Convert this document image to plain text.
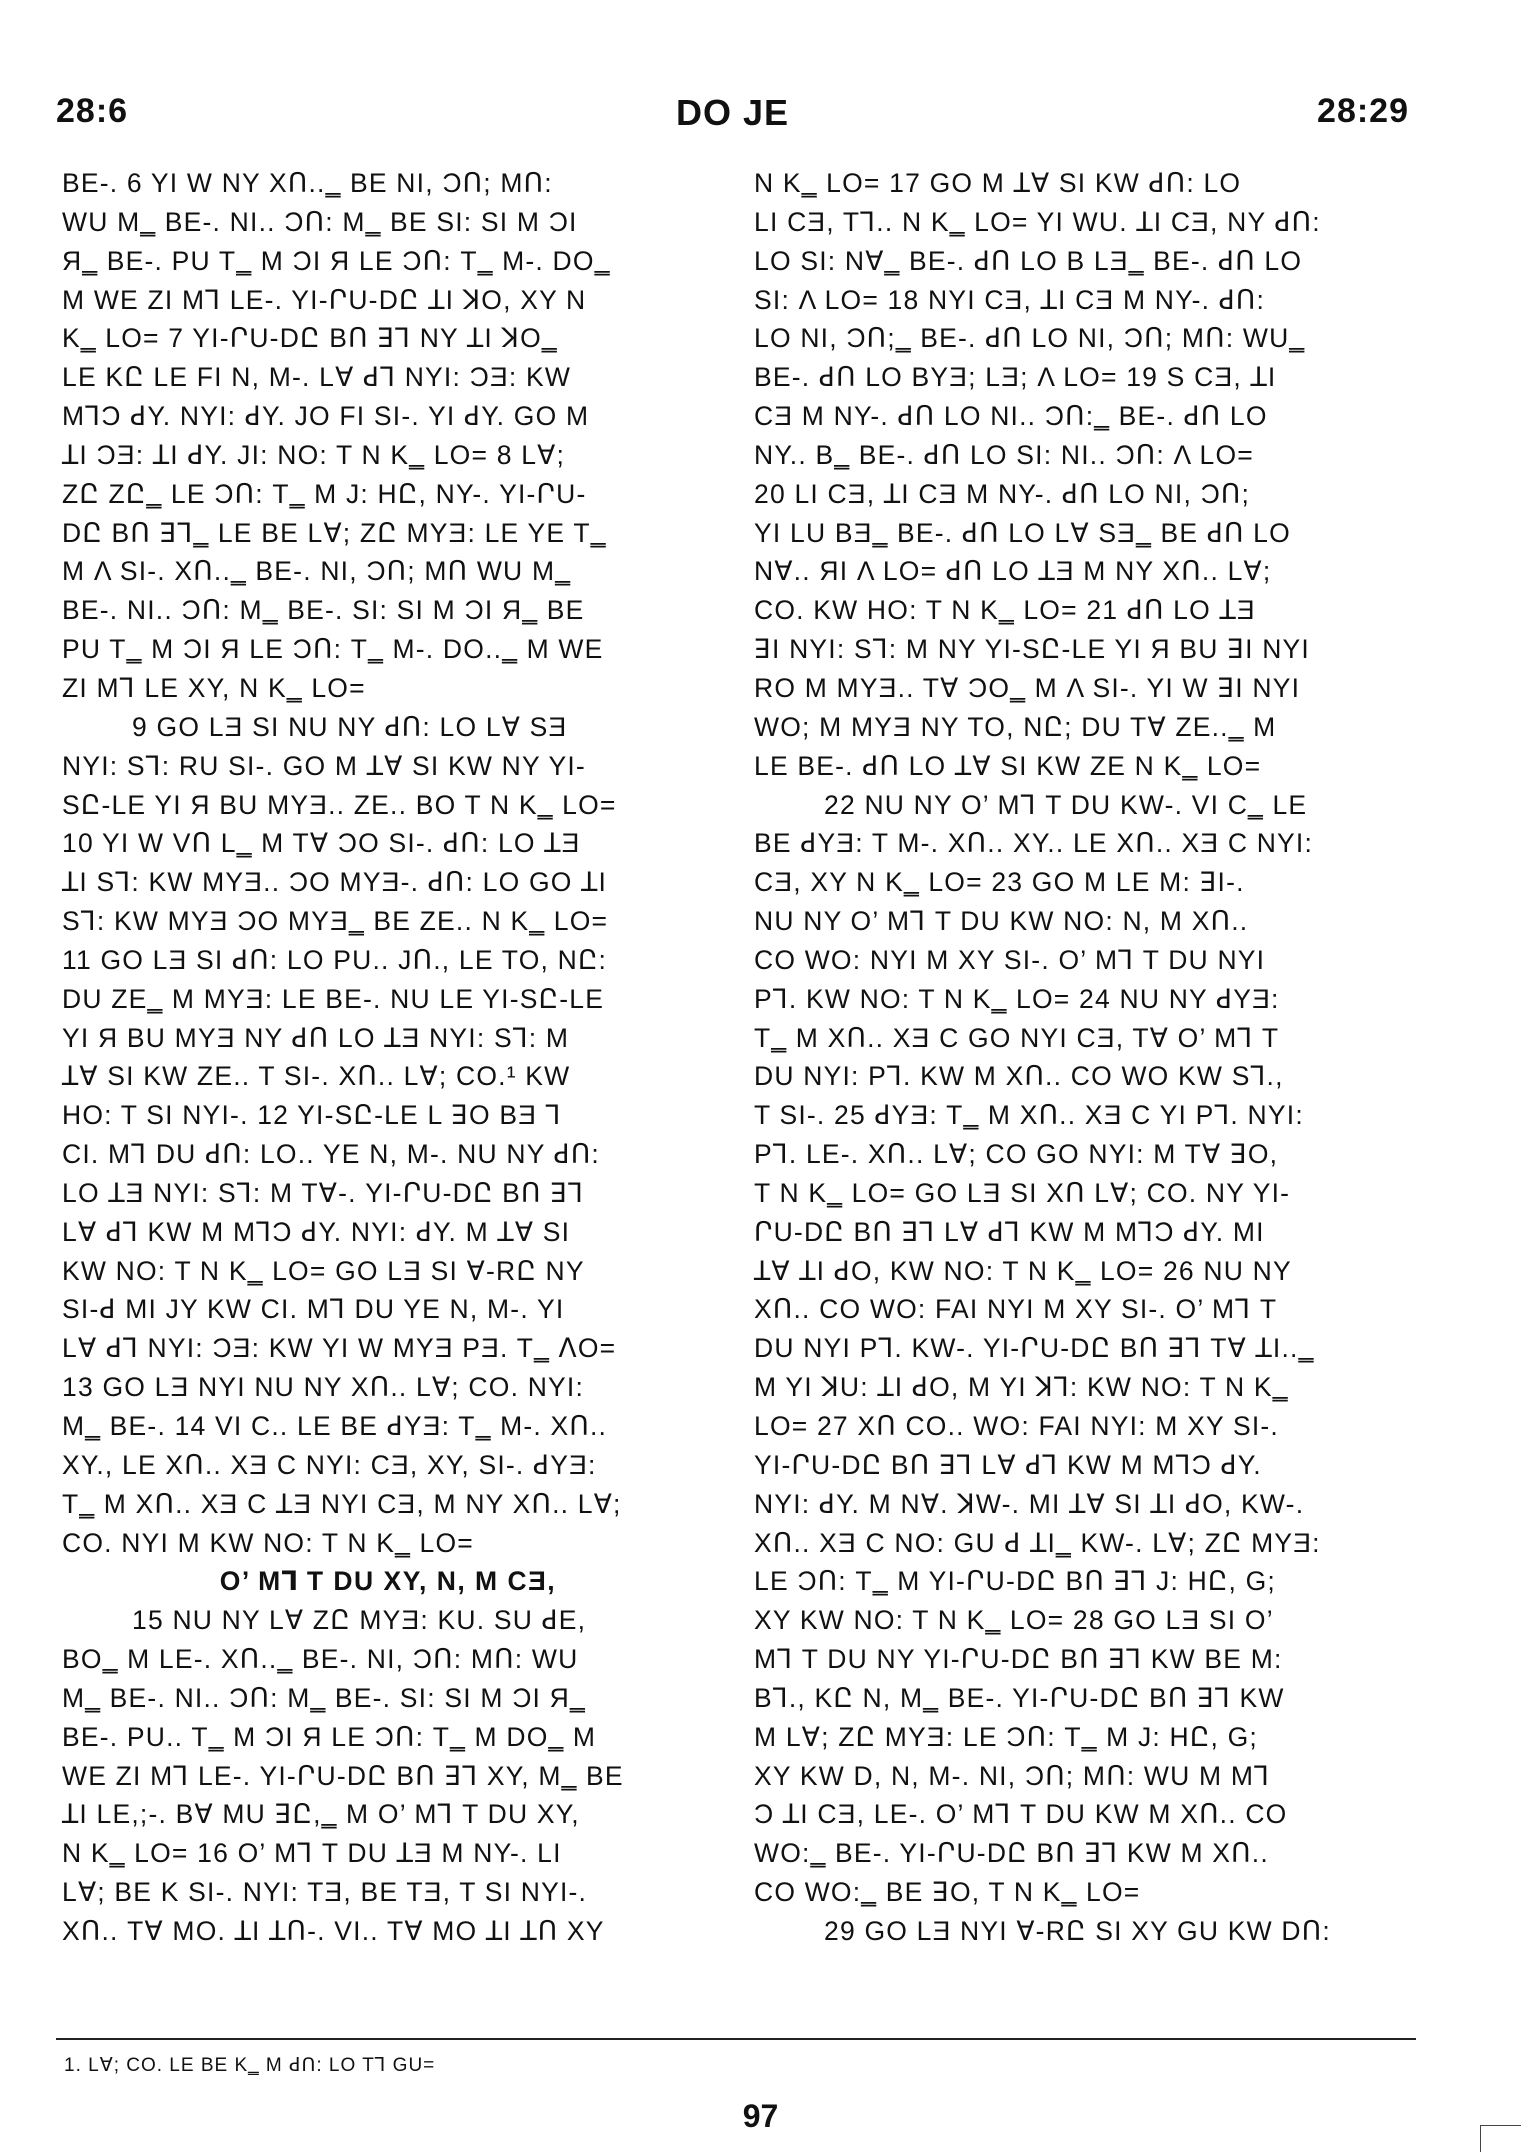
28:6	DO JE	28:29
BE-. 6 YI W NY XՈ..‗ BE NI, ƆՈ; MՈ:
WU M‗ BE-. NI.. ƆՈ: M‗ BE SI: SI M ƆI
Я‗ BE-. PU T‗ M ƆI Я LE ƆՈ: T‗ M-. DO‗
M WE ZI Mꓶ LE-. YI-ՐU-DԸ ꓕI ꓘO, XY N
K‗ LO= 7 YI-ՐU-DԸ BՈ ꓱꓶ NY ꓕI ꓘO‗
LE KԸ LE FI N, M-. Lꓯ ꓒꓶ NYI: ƆƎ: KW
MꓶƆ ꓒY. NYI: ꓒY. JO FI SI-. YI ꓒY. GO M
ꓕI ƆƎ: ꓕI ꓒY. JI: NO: T N K‗ LO= 8 Lꓯ;
ZԸ ZԸ‗ LE ƆՈ: T‗ M J: HԸ, NY-. YI-ՐU-
DԸ BՈ ꓱꓶ‗ LE BE Lꓯ; ZԸ MYƎ: LE YE T‗
M Λ SI-. XՈ..‗ BE-. NI, ƆՈ; MՈ WU M‗
BE-. NI.. ƆՈ: M‗ BE-. SI: SI M ƆI Я‗ BE
PU T‗ M ƆI Я LE ƆՈ: T‗ M-. DO..‗ M WE
ZI Mꓶ LE XY, N K‗ LO=
9 GO LƎ SI NU NY ꓒՈ: LO Lꓯ SƎ
NYI: Sꓶ: RU SI-. GO M ꓕꓯ SI KW NY YI-
SԸ-LE YI Я BU MYƎ.. ZE.. BO T N K‗ LO=
10 YI W VՈ L‗ M Tꓯ ƆO SI-. ꓒՈ: LO ꓕƎ
ꓕI Sꓶ: KW MYƎ.. ƆO MYƎ-. ꓒՈ: LO GO ꓕI
Sꓶ: KW MYƎ ƆO MYƎ‗ BE ZE.. N K‗ LO=
11 GO LƎ SI ꓒՈ: LO PU.. JՈ., LE TO, NԸ:
DU ZE‗ M MYƎ: LE BE-. NU LE YI-SԸ-LE
YI Я BU MYƎ NY ꓒՈ LO ꓕƎ NYI: Sꓶ: M
ꓕꓯ SI KW ZE.. T SI-. XՈ.. Lꓯ; CO.¹ KW
HO: T SI NYI-. 12 YI-SԸ-LE L ꓱO BƎ ꓶ
CI. Mꓶ DU ꓒՈ: LO.. YE N, M-. NU NY ꓒՈ:
LO ꓕƎ NYI: Sꓶ: M Tꓯ-. YI-ՐU-DԸ BՈ ꓱꓶ
Lꓯ ꓒꓶ KW M MꓶƆ ꓒY. NYI: ꓒY. M ꓕꓯ SI
KW NO: T N K‗ LO= GO LƎ SI ꓯ-RԸ NY
SI-ꓒ MI JY KW CI. Mꓶ DU YE N, M-. YI
Lꓯ ꓒꓶ NYI: ƆƎ: KW YI W MYƎ PƎ. T‗ ꓥO=
13 GO LƎ NYI NU NY XՈ.. Lꓯ; CO. NYI:
M‗ BE-. 14 VI C.. LE BE ꓒYƎ: T‗ M-. XՈ..
XY., LE XՈ.. XƎ C NYI: CƎ, XY, SI-. ꓒYƎ:
T‗ M XՈ.. XƎ C ꓕƎ NYI CƎ, M NY XՈ.. Lꓯ;
CO. NYI M KW NO: T N K‗ LO=
O’ Mꓶ T DU XY, N, M CƎ,
15 NU NY Lꓯ ZԸ MYƎ: KU. SU ꓒE,
BO‗ M LE-. XՈ..‗ BE-. NI, ƆՈ: MՈ: WU
M‗ BE-. NI.. ƆՈ: M‗ BE-. SI: SI M ƆI Я‗
BE-. PU.. T‗ M ƆI Я LE ƆՈ: T‗ M DO‗ M
WE ZI Mꓶ LE-. YI-ՐU-DԸ BՈ ꓱꓶ XY, M‗ BE
ꓕI LE,;-. Bꓯ MU ꓱԸ,‗ M O’ Mꓶ T DU XY,
N K‗ LO= 16 O’ Mꓶ T DU ꓕƎ M NY-. LI
Lꓯ; BE K SI-. NYI: TƎ, BE TƎ, T SI NYI-.
XՈ.. Tꓯ MO. ꓕI ꓕՈ-. VI.. Tꓯ MO ꓕI ꓕՈ XY
N K‗ LO= 17 GO M ꓕꓯ SI KW ꓒՈ: LO
LI CƎ, Tꓶ.. N K‗ LO= YI WU. ꓕI CƎ, NY ꓒՈ:
LO SI: Nꓯ‗ BE-. ꓒՈ LO B LƎ‗ BE-. ꓒՈ LO
SI: Λ LO= 18 NYI CƎ, ꓕI CƎ M NY-. ꓒՈ:
LO NI, ƆՈ;‗ BE-. ꓒՈ LO NI, ƆՈ; MՈ: WU‗
BE-. ꓒՈ LO BYƎ; LƎ; Λ LO= 19 S CƎ, ꓕI
CƎ M NY-. ꓒՈ LO NI.. ƆՈ:‗ BE-. ꓒՈ LO
NY.. B‗ BE-. ꓒՈ LO SI: NI.. ƆՈ: Λ LO=
20 LI CƎ, ꓕI CƎ M NY-. ꓒՈ LO NI, ƆՈ;
YI LU BƎ‗ BE-. ꓒՈ LO Lꓯ SƎ‗ BE ꓒՈ LO
Nꓯ.. ЯI Λ LO= ꓒՈ LO ꓕƎ M NY XՈ.. Lꓯ;
CO. KW HO: T N K‗ LO= 21 ꓒՈ LO ꓕƎ
ꓱI NYI: Sꓶ: M NY YI-SԸ-LE YI Я BU ꓱI NYI
RO M MYƎ.. Tꓯ ƆO‗ M Λ SI-. YI W ꓱI NYI
WO; M MYƎ NY TO, NԸ; DU Tꓯ ZE..‗ M
LE BE-. ꓒՈ LO ꓕꓯ SI KW ZE N K‗ LO=
22 NU NY O’ Mꓶ T DU KW-. VI C‗ LE
BE ꓒYƎ: T M-. XՈ.. XY.. LE XՈ.. XƎ C NYI:
CƎ, XY N K‗ LO= 23 GO M LE M: ꓱI-.
NU NY O’ Mꓶ T DU KW NO: N, M XՈ..
CO WO: NYI M XY SI-. O’ Mꓶ T DU NYI
Pꓶ. KW NO: T N K‗ LO= 24 NU NY ꓒYƎ:
T‗ M XՈ.. XƎ C GO NYI CƎ, Tꓯ O’ Mꓶ T
DU NYI: Pꓶ. KW M XՈ.. CO WO KW Sꓶ.,
T SI-. 25 ꓒYƎ: T‗ M XՈ.. XƎ C YI Pꓶ. NYI:
Pꓶ. LE-. XՈ.. Lꓯ; CO GO NYI: M Tꓯ ꓱO,
T N K‗ LO= GO LƎ SI XՈ Lꓯ; CO. NY YI-
ՐU-DԸ BՈ ꓱꓶ Lꓯ ꓒꓶ KW M MꓶƆ ꓒY. MI
ꓕꓯ ꓕI ꓒO, KW NO: T N K‗ LO= 26 NU NY
XՈ.. CO WO: FAI NYI M XY SI-. O’ Mꓶ T
DU NYI Pꓶ. KW-. YI-ՐU-DԸ BՈ ꓱꓶ Tꓯ ꓕI..‗
M YI ꓘU: ꓕI ꓒO, M YI ꓘꓶ: KW NO: T N K‗
LO= 27 XՈ CO.. WO: FAI NYI: M XY SI-.
YI-ՐU-DԸ BՈ ꓱꓶ Lꓯ ꓒꓶ KW M MꓶƆ ꓒY.
NYI: ꓒY. M Nꓯ. ꓘW-. MI ꓕꓯ SI ꓕI ꓒO, KW-.
XՈ.. XƎ C NO: GU ꓒ ꓕI‗ KW-. Lꓯ; ZԸ MYƎ:
LE ƆՈ: T‗ M YI-ՐU-DԸ BՈ ꓱꓶ J: HԸ, G;
XY KW NO: T N K‗ LO= 28 GO LƎ SI O’
Mꓶ T DU NY YI-ՐU-DԸ BՈ ꓱꓶ KW BE M:
Bꓶ., KԸ N, M‗ BE-. YI-ՐU-DԸ BՈ ꓱꓶ KW
M Lꓯ; ZԸ MYƎ: LE ƆՈ: T‗ M J: HԸ, G;
XY KW D, N, M-. NI, ƆՈ; MՈ: WU M Mꓶ
Ɔ ꓕI CƎ, LE-. O’ Mꓶ T DU KW M XՈ.. CO
WO:‗ BE-. YI-ՐU-DԸ BՈ ꓱꓶ KW M XՈ..
CO WO:‗ BE ꓱO, T N K‗ LO=
29 GO LƎ NYI ꓯ-RԸ SI XY GU KW DՈ:
1. Lꓯ; CO. LE BE K‗ M ꓒՈ: LO Tꓶ GU=
97
